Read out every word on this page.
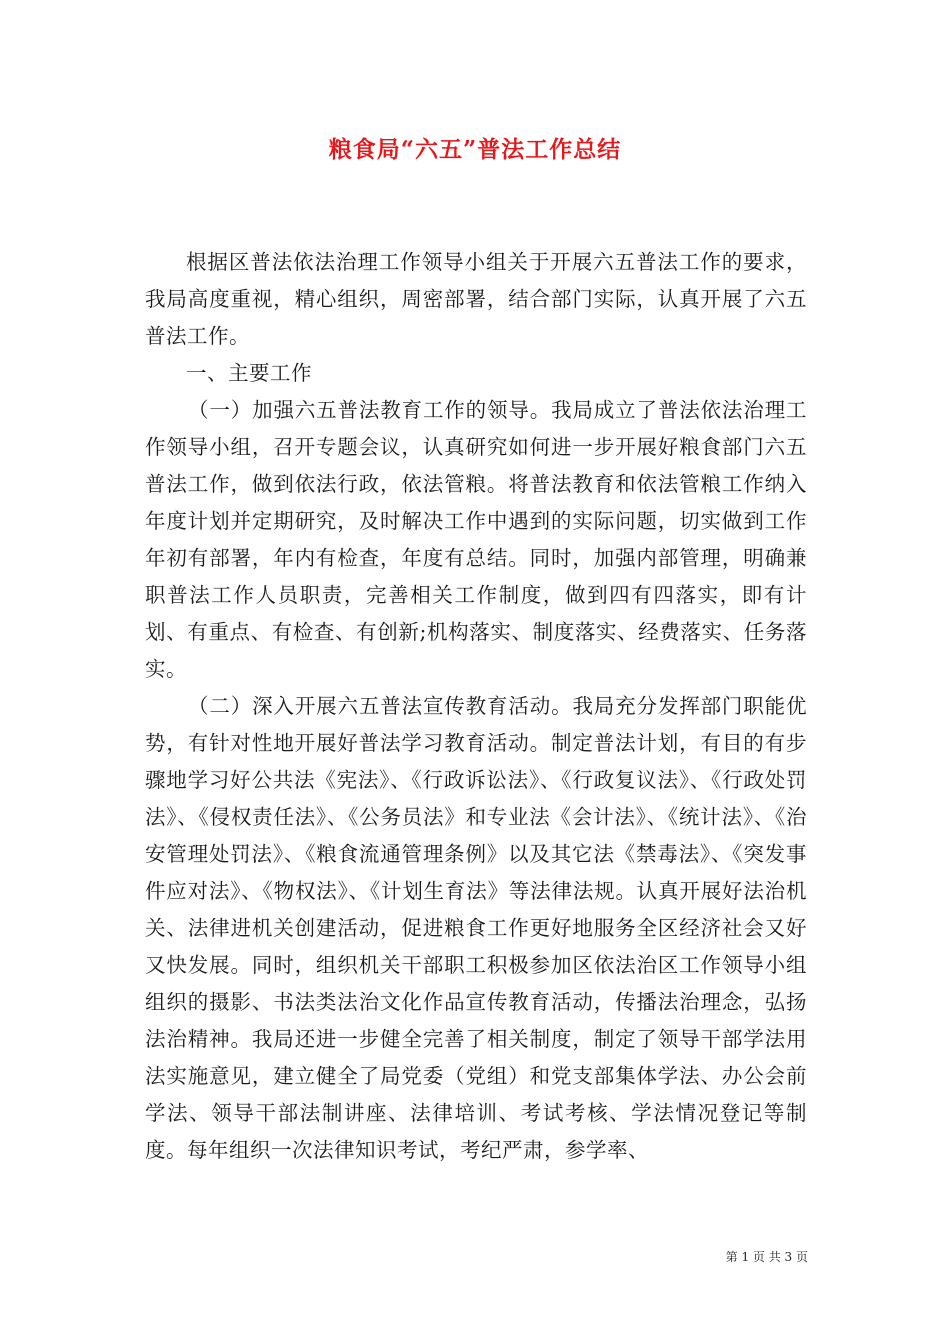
粮食局“六五”普法工作总结

根据区普法依法治理工作领导小组关于开展六五普法工作的要求，我局高度重视，精心组织，周密部署，结合部门实际，认真开展了六五普法工作。

一、主要工作

（一）加强六五普法教育工作的领导。我局成立了普法依法治理工作领导小组，召开专题会议，认真研究如何进一步开展好粮食部门六五普法工作，做到依法行政，依法管粮。将普法教育和依法管粮工作纳入年度计划并定期研究，及时解决工作中遇到的实际问题，切实做到工作年初有部署，年内有检查，年度有总结。同时，加强内部管理，明确兼职普法工作人员职责，完善相关工作制度，做到四有四落实，即有计划、有重点、有检查、有创新;机构落实、制度落实、经费落实、任务落实。

（二）深入开展六五普法宣传教育活动。我局充分发挥部门职能优势，有针对性地开展好普法学习教育活动。制定普法计划，有目的有步骤地学习好公共法《宪法》、《行政诉讼法》、《行政复议法》、《行政处罚法》、《侵权责任法》、《公务员法》和专业法《会计法》、《统计法》、《治安管理处罚法》、《粮食流通管理条例》以及其它法《禁毒法》、《突发事件应对法》、《物权法》、《计划生育法》等法律法规。认真开展好法治机关、法律进机关创建活动，促进粮食工作更好地服务全区经济社会又好又快发展。同时，组织机关干部职工积极参加区依法治区工作领导小组组织的摄影、书法类法治文化作品宣传教育活动，传播法治理念，弘扬法治精神。我局还进一步健全完善了相关制度，制定了领导干部学法用法实施意见，建立健全了局党委（党组）和党支部集体学法、办公会前学法、领导干部法制讲座、法律培训、考试考核、学法情况登记等制度。每年组织一次法律知识考试，考纪严肃，参学率、

第 1 页 共 3 页
